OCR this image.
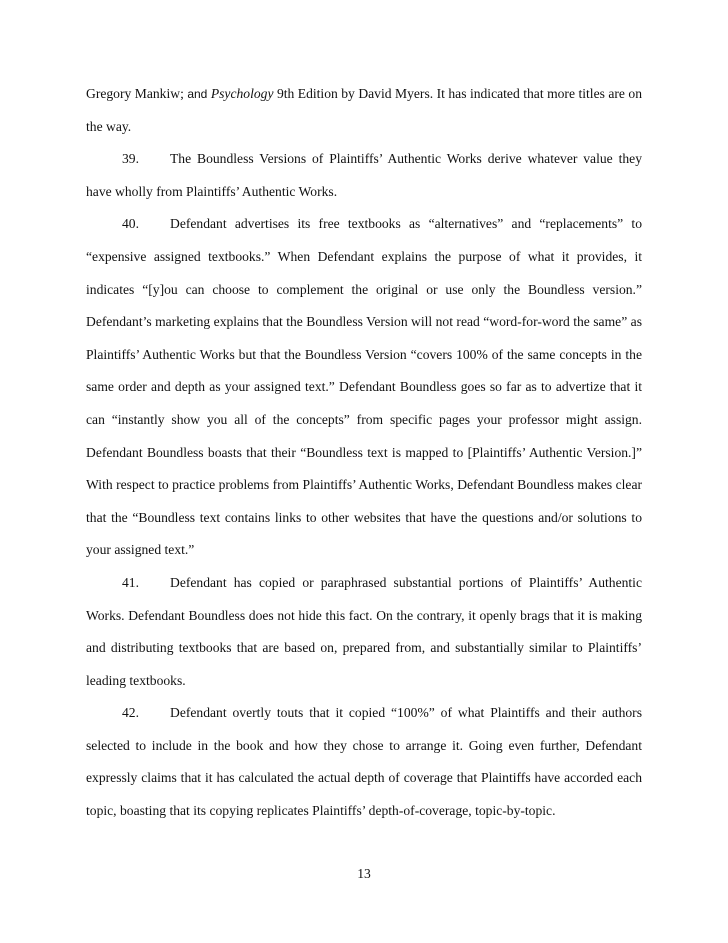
Gregory Mankiw; and Psychology 9th Edition by David Myers. It has indicated that more titles are on the way.

39. The Boundless Versions of Plaintiffs’ Authentic Works derive whatever value they have wholly from Plaintiffs’ Authentic Works.

40. Defendant advertises its free textbooks as “alternatives” and “replacements” to “expensive assigned textbooks.” When Defendant explains the purpose of what it provides, it indicates “[y]ou can choose to complement the original or use only the Boundless version.” Defendant’s marketing explains that the Boundless Version will not read “word-for-word the same” as Plaintiffs’ Authentic Works but that the Boundless Version “covers 100% of the same concepts in the same order and depth as your assigned text.” Defendant Boundless goes so far as to advertize that it can “instantly show you all of the concepts” from specific pages your professor might assign. Defendant Boundless boasts that their “Boundless text is mapped to [Plaintiffs’ Authentic Version.]” With respect to practice problems from Plaintiffs’ Authentic Works, Defendant Boundless makes clear that the “Boundless text contains links to other websites that have the questions and/or solutions to your assigned text.”

41. Defendant has copied or paraphrased substantial portions of Plaintiffs’ Authentic Works. Defendant Boundless does not hide this fact. On the contrary, it openly brags that it is making and distributing textbooks that are based on, prepared from, and substantially similar to Plaintiffs’ leading textbooks.

42. Defendant overtly touts that it copied “100%” of what Plaintiffs and their authors selected to include in the book and how they chose to arrange it. Going even further, Defendant expressly claims that it has calculated the actual depth of coverage that Plaintiffs have accorded each topic, boasting that its copying replicates Plaintiffs’ depth-of-coverage, topic-by-topic.

13
